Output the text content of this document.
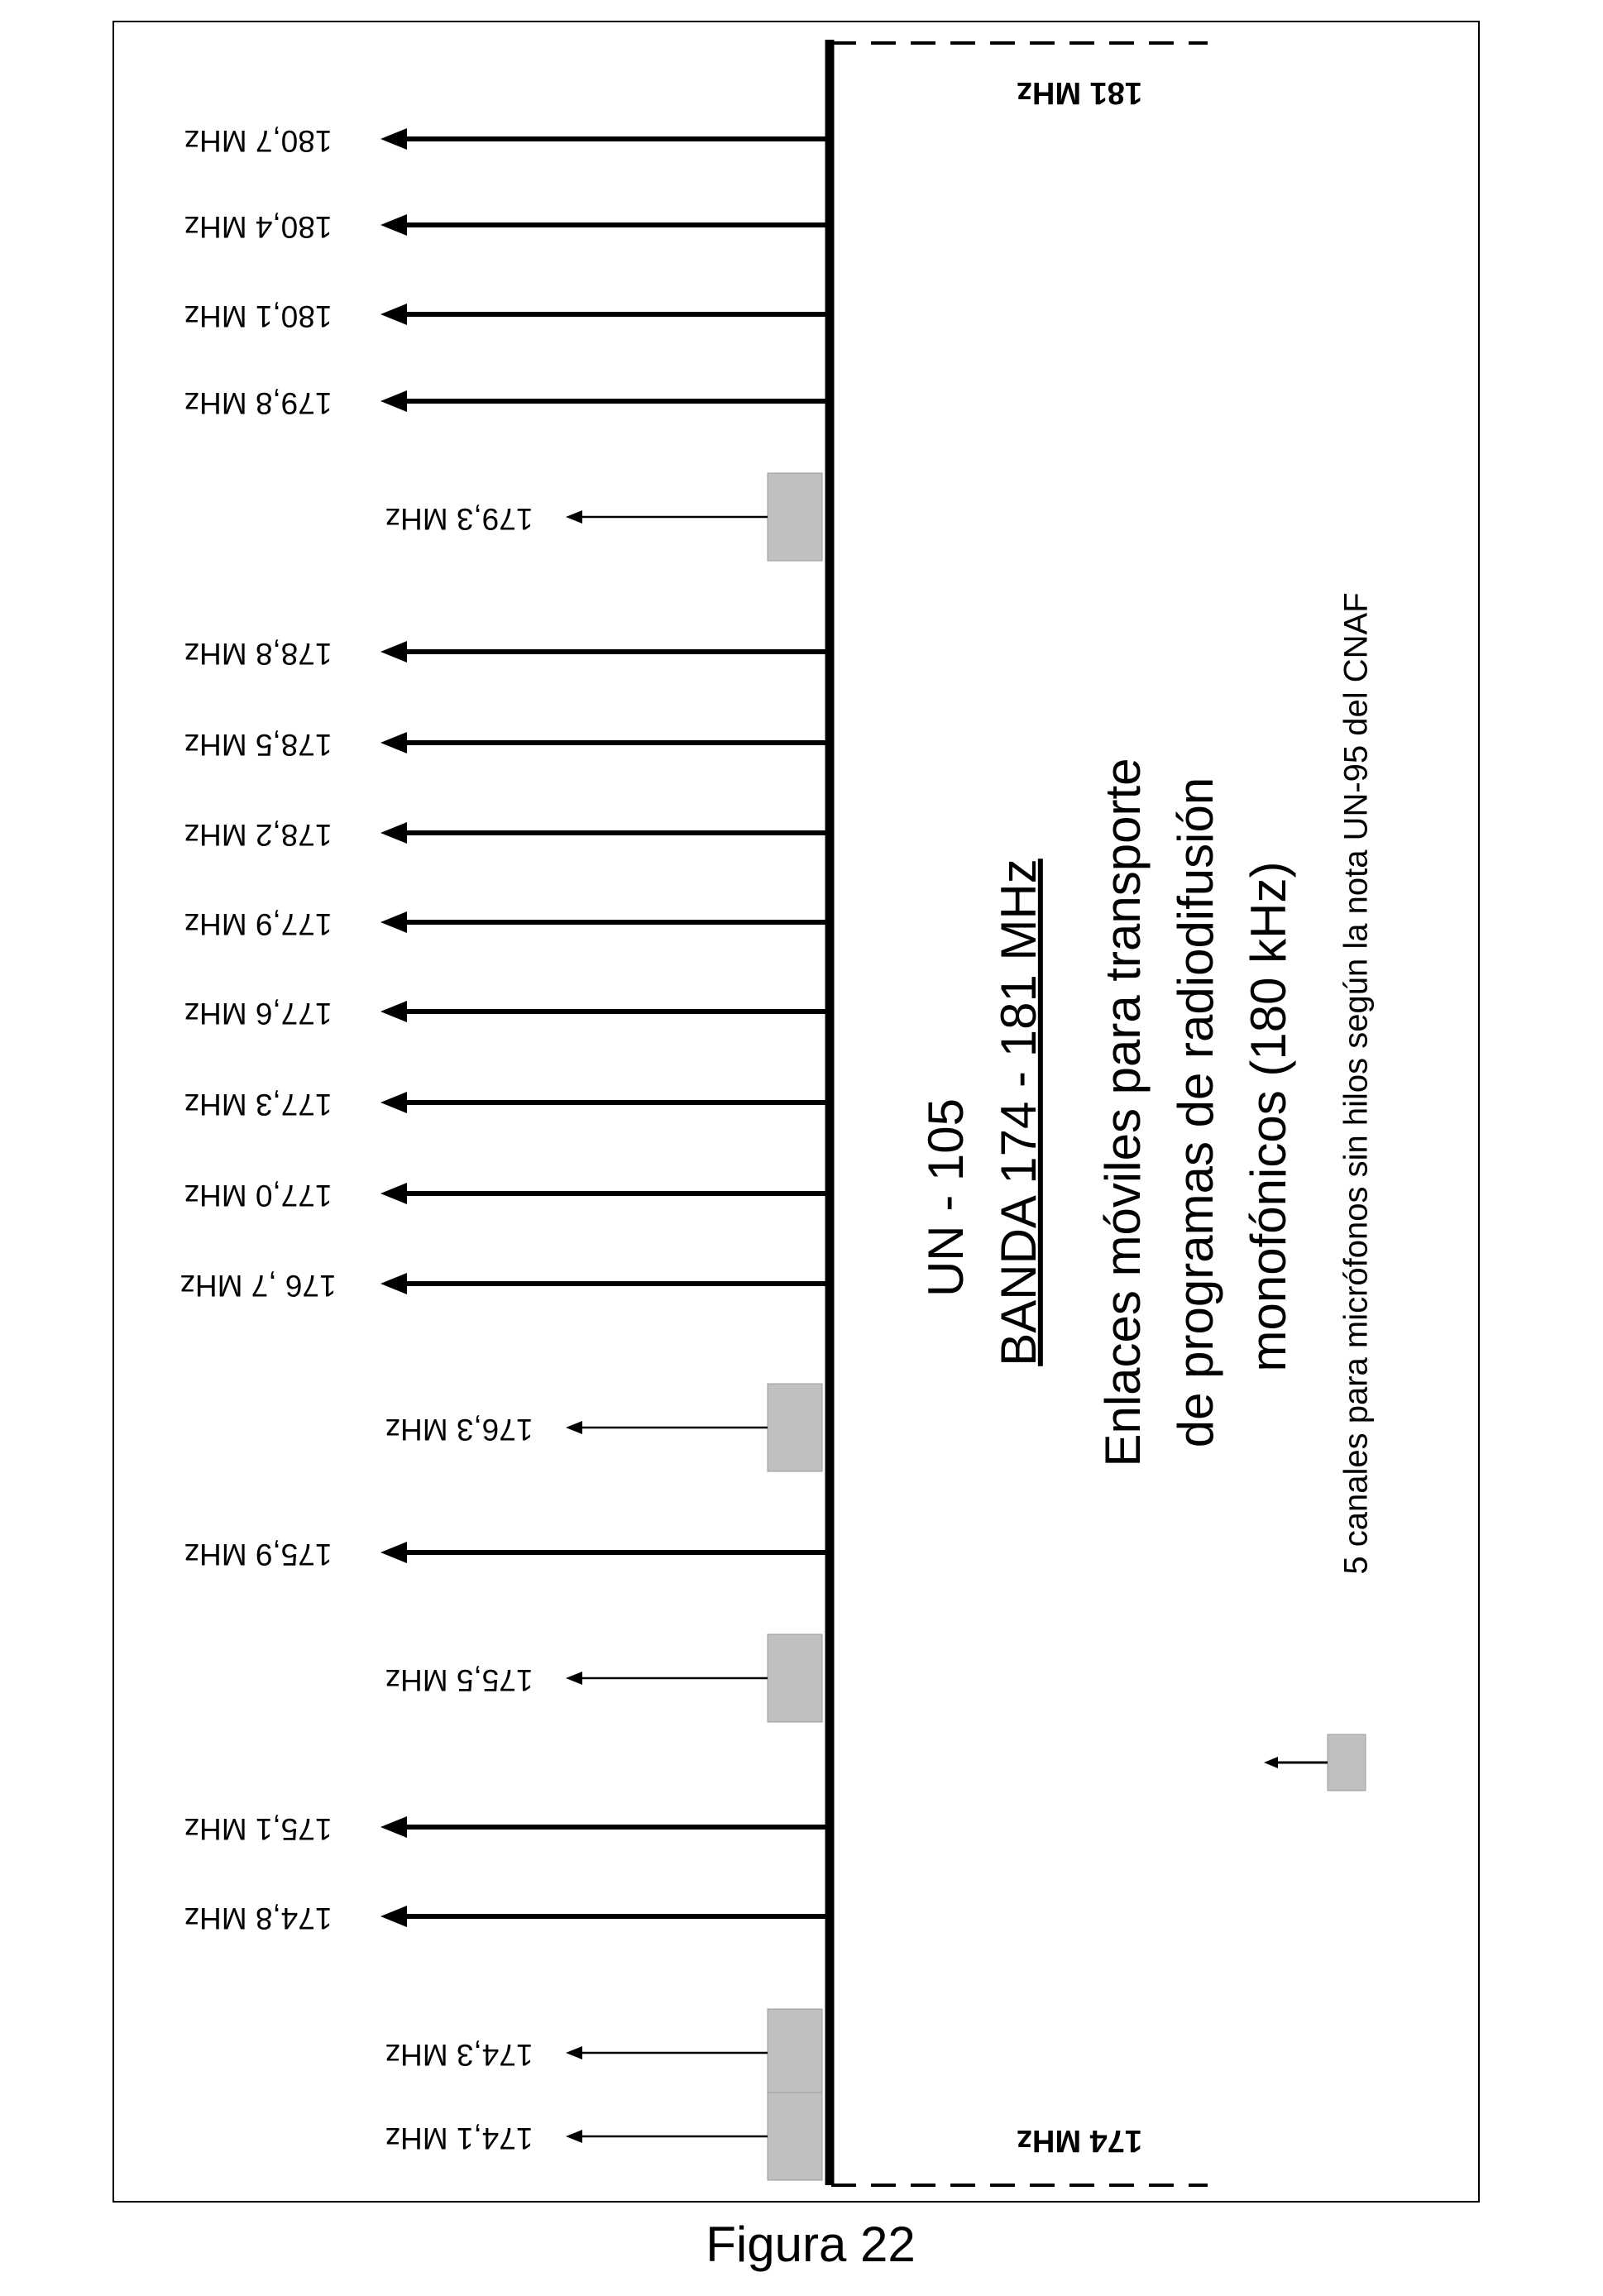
180,7 MHz
180,4 MHz
180,1 MHz
179,8 MHz
179,3 MHz
178,8 MHz
178,5 MHz
178,2 MHz
177,9 MHz
177,6 MHz
177,3 MHz
177,0 MHz
176 ,7 MHz
176,3 MHz
175,9 MHz
175,5 MHz
175,1 MHz
174,8 MHz
174,3 MHz
174,1 MHz
181 MHz
174 MHz
UN - 105 BANDA 174 - 181 MHz Enlaces móviles para transporte de programas de radiodifusión monofónicos (180 kHz) 5 canales para micrófonos sin hilos según la nota UN-95 del CNAF
Figura 22
